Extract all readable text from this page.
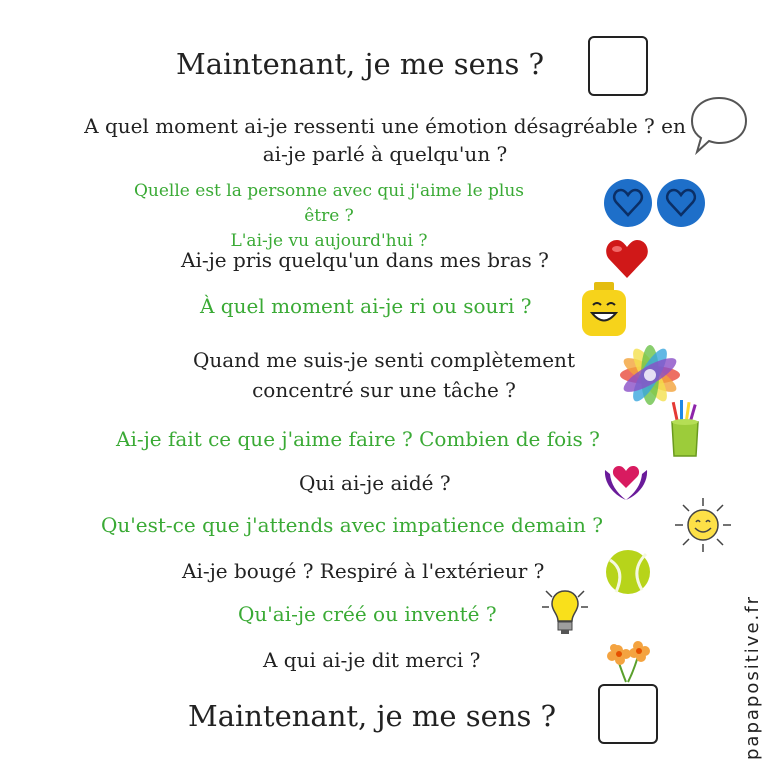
Maintenant, je me sens ?
A quel moment ai-je ressenti une émotion désagréable ? en
ai-je parlé à quelqu'un ?
Quelle est la personne avec qui j'aime le plus
être ?
L'ai-je vu aujourd'hui ?
Ai-je pris quelqu'un dans mes bras ?
À quel moment ai-je ri ou souri ?
Quand me suis-je senti complètement
concentré sur une tâche ?
Ai-je fait ce que j'aime faire ? Combien de fois ?
Qui ai-je aidé ?
Qu'est-ce que j'attends avec impatience demain ?
Ai-je bougé ? Respiré à l'extérieur ?
Qu'ai-je créé ou inventé ?
A qui ai-je dit merci ?
Maintenant, je me sens ?	papapositive.fr
